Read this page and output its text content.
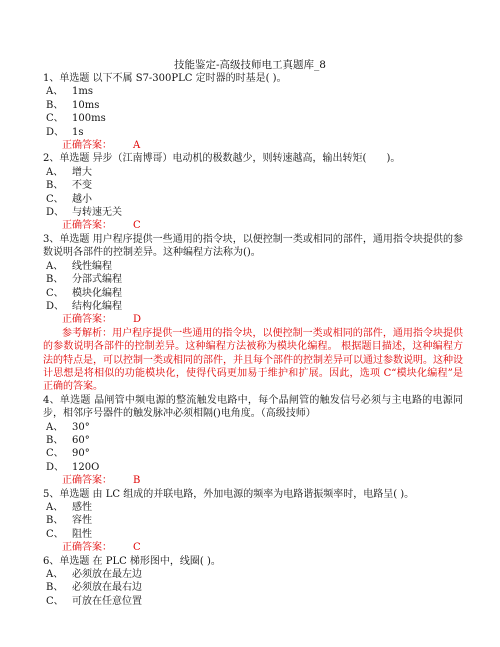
技能鉴定-高级技师电工真题库_8
1、单选题 以下不属 S7-300PLC 定时器的时基是( )。
A、 1ms
B、 10ms
C、 100ms
D、 1s
正确答案： A
2、单选题 异步（江南博哥）电动机的极数越少，则转速越高，输出转矩(　　)。
A、 增大
B、 不变
C、 越小
D、 与转速无关
正确答案： C
3、单选题 用户程序提供一些通用的指令块，以便控制一类或相同的部件，通用指令块提供的参数说明各部件的控制差异。这种编程方法称为()。
A、 线性编程
B、 分部式编程
C、 模块化编程
D、 结构化编程
正确答案： D
参考解析：用户程序提供一些通用的指令块，以便控制一类或相同的部件，通用指令块提供的参数说明各部件的控制差异。这种编程方法被称为模块化编程。 根据题目描述，这种编程方法的特点是，可以控制一类或相同的部件，并且每个部件的控制差异可以通过参数说明。这种设计思想是将相似的功能模块化，使得代码更加易于维护和扩展。因此，选项 C“模块化编程”是正确的答案。
4、单选题 晶闸管中频电源的整流触发电路中，每个晶闸管的触发信号必须与主电路的电源同步，相邻序号器件的触发脉冲必须相隔()电角度。（高级技师）
A、 30°
B、 60°
C、 90°
D、 120O
正确答案： B
5、单选题 由 LC 组成的并联电路，外加电源的频率为电路谐振频率时，电路呈( )。
A、 感性
B、 容性
C、 阻性
正确答案： C
6、单选题 在 PLC 梯形图中，线圈( )。
A、 必须放在最左边
B、 必须放在最右边
C、 可放在任意位置
